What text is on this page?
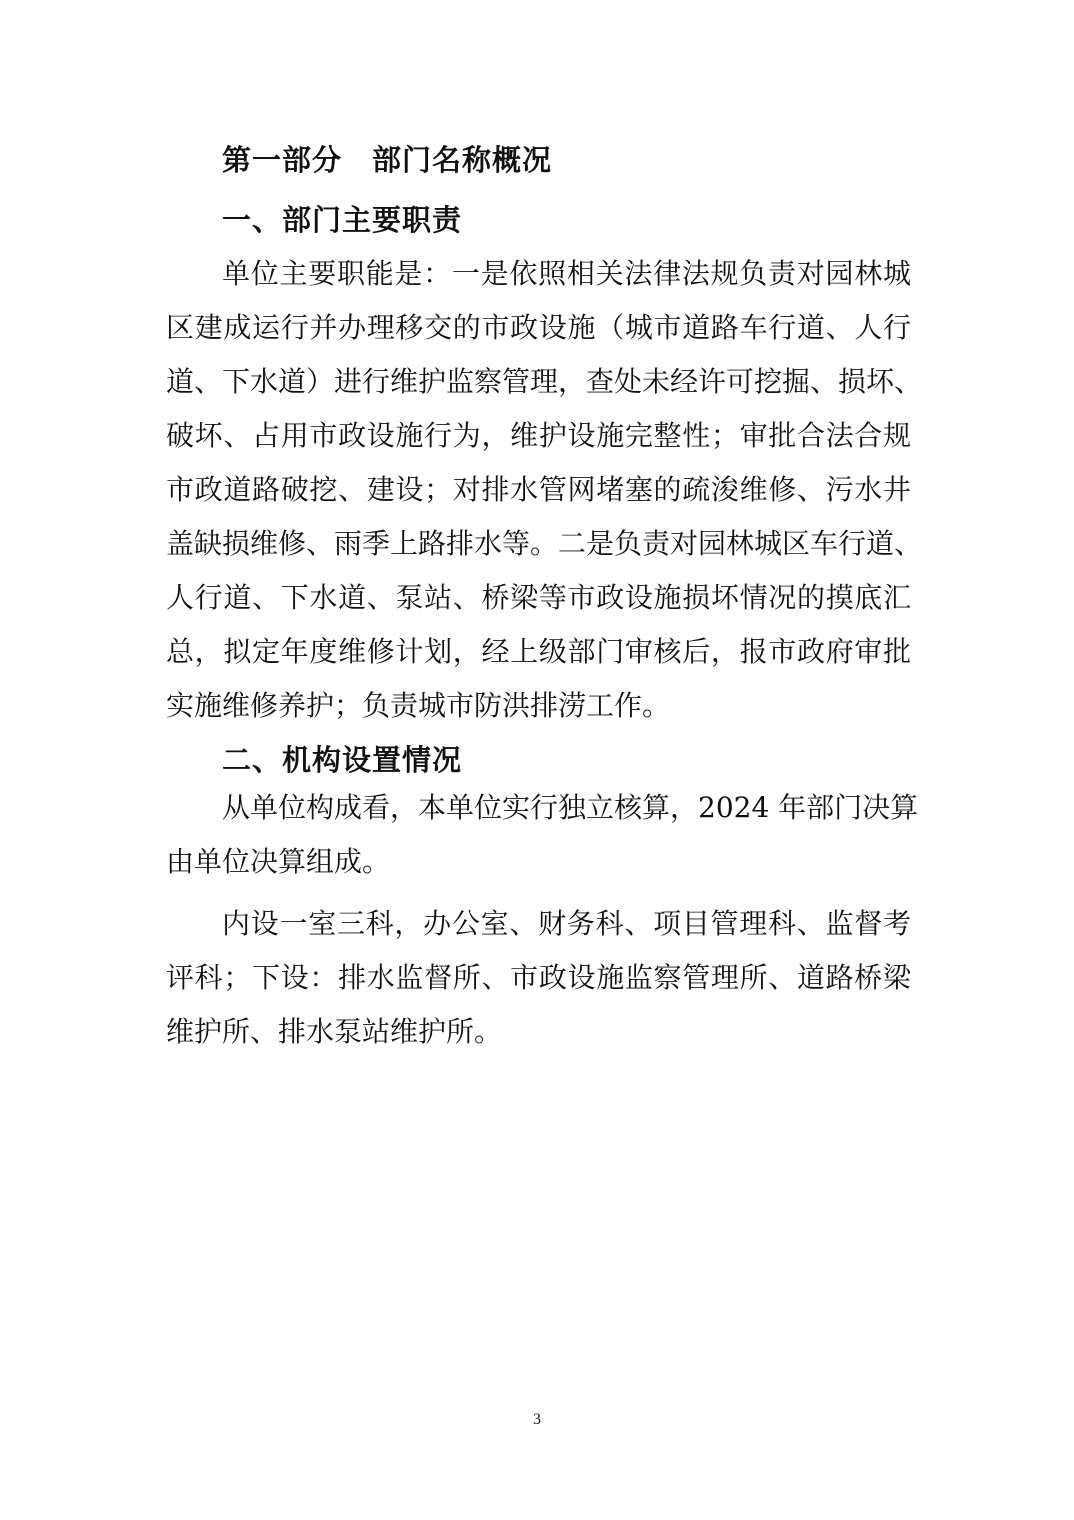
第一部分 部门名称概况
一、部门主要职责
单位主要职能是：一是依照相关法律法规负责对园林城
区建成运行并办理移交的市政设施（城市道路车行道、人行
道、下水道）进行维护监察管理，查处未经许可挖掘、损坏、
破坏、占用市政设施行为，维护设施完整性；审批合法合规
市政道路破挖、建设；对排水管网堵塞的疏浚维修、污水井
盖缺损维修、雨季上路排水等。二是负责对园林城区车行道、
人行道、下水道、泵站、桥梁等市政设施损坏情况的摸底汇
总，拟定年度维修计划，经上级部门审核后，报市政府审批
实施维修养护；负责城市防洪排涝工作。
二、机构设置情况
从单位构成看，本单位实行独立核算，2024 年部门决算
由单位决算组成。
内设一室三科，办公室、财务科、项目管理科、监督考
评科；下设：排水监督所、市政设施监察管理所、道路桥梁
维护所、排水泵站维护所。
3
